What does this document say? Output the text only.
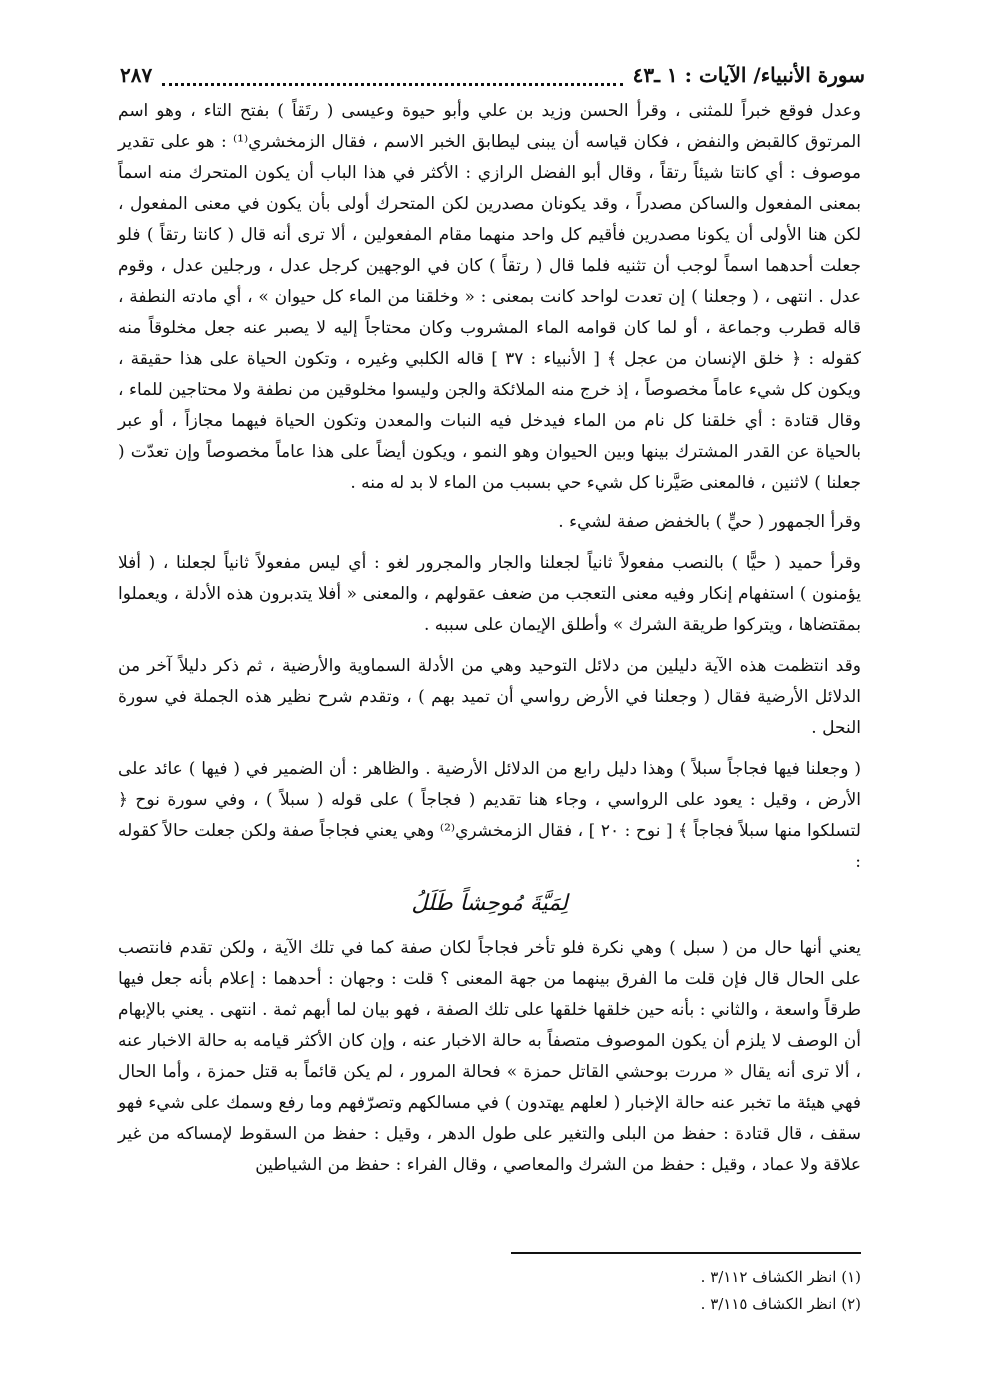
سورة الأنبياء/ الآيات : ١ ـ٤٣
٢٨٧

وعدل فوقع خبراً للمثنى ، وقرأ الحسن وزيد بن علي وأبو حيوة وعيسى ( رتَقاً ) بفتح التاء ، وهو اسم المرتوق كالقبض والنفض ، فكان قياسه أن يبنى ليطابق الخبر الاسم ، فقال الزمخشري⁽¹⁾ : هو على تقدير موصوف : أي كانتا شيئاً رتقاً ، وقال أبو الفضل الرازي : الأكثر في هذا الباب أن يكون المتحرك منه اسماً بمعنى المفعول والساكن مصدراً ، وقد يكونان مصدرين لكن المتحرك أولى بأن يكون في معنى المفعول ، لكن هنا الأولى أن يكونا مصدرين فأقيم كل واحد منهما مقام المفعولين ، ألا ترى أنه قال ( كانتا رتقاً ) فلو جعلت أحدهما اسماً لوجب أن تثنيه فلما قال ( رتقاً ) كان في الوجهين كرجل عدل ، ورجلين عدل ، وقوم عدل . انتهى ، ( وجعلنا ) إن تعدت لواحد كانت بمعنى : « وخلقنا من الماء كل حيوان » ، أي مادته النطفة ، قاله قطرب وجماعة ، أو لما كان قوامه الماء المشروب وكان محتاجاً إليه لا يصبر عنه جعل مخلوقاً منه كقوله : ﴿ خلق الإنسان من عجل ﴾ [ الأنبياء : ٣٧ ] قاله الكلبي وغيره ، وتكون الحياة على هذا حقيقة ، ويكون كل شيء عاماً مخصوصاً ، إذ خرج منه الملائكة والجن وليسوا مخلوقين من نطفة ولا محتاجين للماء ، وقال قتادة : أي خلقنا كل نام من الماء فيدخل فيه النبات والمعدن وتكون الحياة فيهما مجازاً ، أو عبر بالحياة عن القدر المشترك بينها وبين الحيوان وهو النمو ، ويكون أيضاً على هذا عاماً مخصوصاً وإن تعدّت ( جعلنا ) لاثنين ، فالمعنى صَيَّرنا كل شيء حي بسبب من الماء لا بد له منه .

وقرأ الجمهور ( حيٍّ ) بالخفض صفة لشيء .

وقرأ حميد ( حيًّا ) بالنصب مفعولاً ثانياً لجعلنا والجار والمجرور لغو : أي ليس مفعولاً ثانياً لجعلنا ، ( أفلا يؤمنون ) استفهام إنكار وفيه معنى التعجب من ضعف عقولهم ، والمعنى « أفلا يتدبرون هذه الأدلة ، ويعملوا بمقتضاها ، ويتركوا طريقة الشرك » وأطلق الإيمان على سببه .

وقد انتظمت هذه الآية دليلين من دلائل التوحيد وهي من الأدلة السماوية والأرضية ، ثم ذكر دليلاً آخر من الدلائل الأرضية فقال ( وجعلنا في الأرض رواسي أن تميد بهم ) ، وتقدم شرح نظير هذه الجملة في سورة النحل .

( وجعلنا فيها فجاجاً سبلاً ) وهذا دليل رابع من الدلائل الأرضية . والظاهر : أن الضمير في ( فيها ) عائد على الأرض ، وقيل : يعود على الرواسي ، وجاء هنا تقديم ( فجاجاً ) على قوله ( سبلاً ) ، وفي سورة نوح ﴿ لتسلكوا منها سبلاً فجاجاً ﴾ [ نوح : ٢٠ ] ، فقال الزمخشري⁽²⁾ وهي يعني فجاجاً صفة ولكن جعلت حالاً كقوله :

لِمَيَّةَ مُوحِشاً طَلَلُ

يعني أنها حال من ( سبل ) وهي نكرة فلو تأخر فجاجاً لكان صفة كما في تلك الآية ، ولكن تقدم فانتصب على الحال قال فإن قلت ما الفرق بينهما من جهة المعنى ؟ قلت : وجهان : أحدهما : إعلام بأنه جعل فيها طرقاً واسعة ، والثاني : بأنه حين خلقها خلقها على تلك الصفة ، فهو بيان لما أبهم ثمة . انتهى . يعني بالإبهام أن الوصف لا يلزم أن يكون الموصوف متصفاً به حالة الاخبار عنه ، وإن كان الأكثر قيامه به حالة الاخبار عنه ، ألا ترى أنه يقال « مررت بوحشي القاتل حمزة » فحالة المرور ، لم يكن قائماً به قتل حمزة ، وأما الحال فهي هيئة ما تخبر عنه حالة الإخبار ( لعلهم يهتدون ) في مسالكهم وتصرّفهم وما رفع وسمك على شيء فهو سقف ، قال قتادة : حفظ من البلى والتغير على طول الدهر ، وقيل : حفظ من السقوط لإمساكه من غير علاقة ولا عماد ، وقيل : حفظ من الشرك والمعاصي ، وقال الفراء : حفظ من الشياطين

(١) انظر الكشاف ٣/١١٢ .
(٢) انظر الكشاف ٣/١١٥ .
